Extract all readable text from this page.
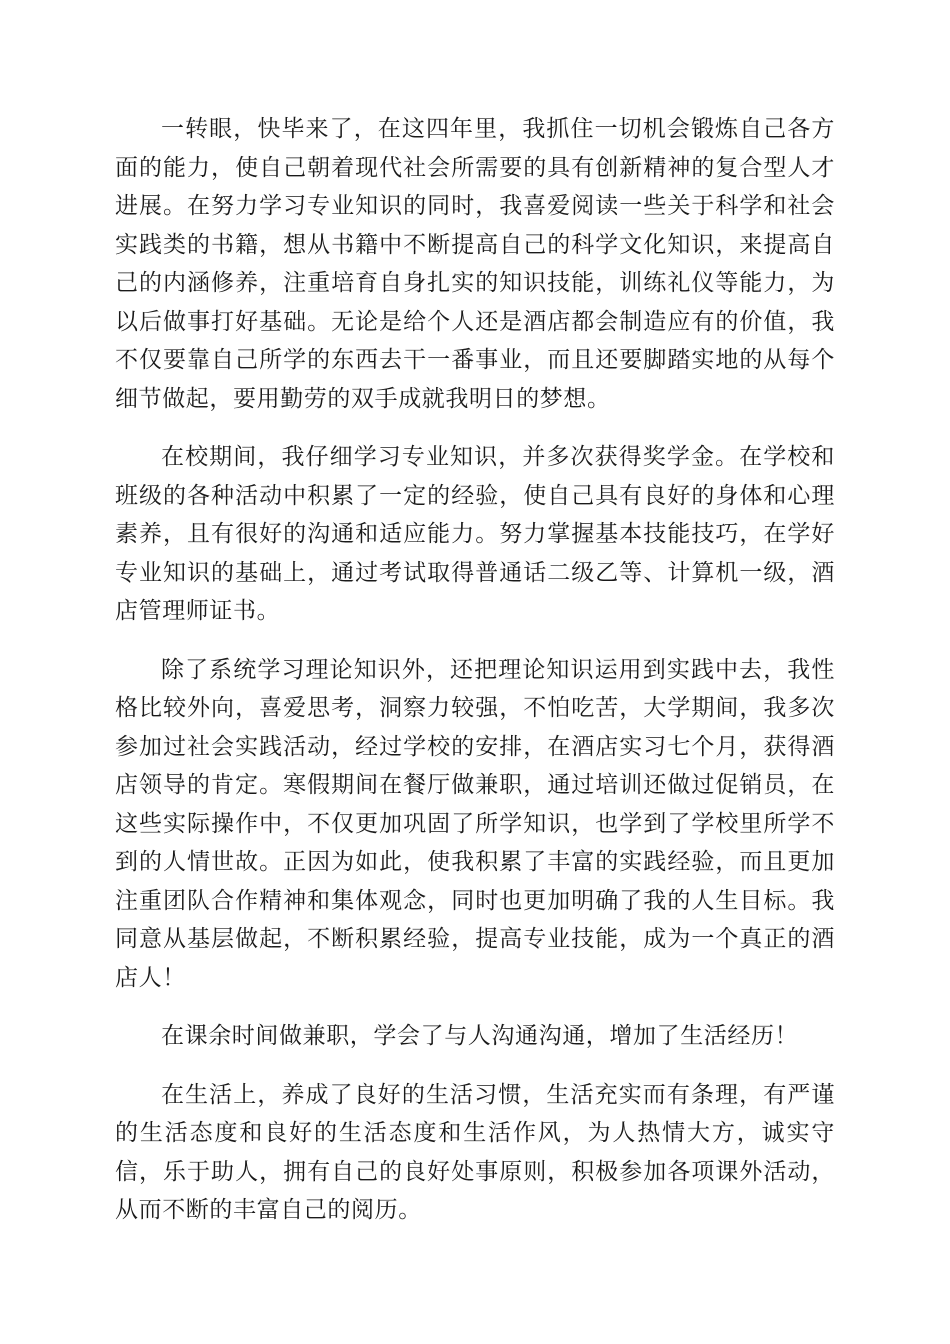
一转眼，快毕来了，在这四年里，我抓住一切机会锻炼自己各方面的能力，使自己朝着现代社会所需要的具有创新精神的复合型人才进展。在努力学习专业知识的同时，我喜爱阅读一些关于科学和社会实践类的书籍，想从书籍中不断提高自己的科学文化知识，来提高自己的内涵修养，注重培育自身扎实的知识技能，训练礼仪等能力，为以后做事打好基础。无论是给个人还是酒店都会制造应有的价值，我不仅要靠自己所学的东西去干一番事业，而且还要脚踏实地的从每个细节做起，要用勤劳的双手成就我明日的梦想。

在校期间，我仔细学习专业知识，并多次获得奖学金。在学校和班级的各种活动中积累了一定的经验，使自己具有良好的身体和心理素养，且有很好的沟通和适应能力。努力掌握基本技能技巧，在学好专业知识的基础上，通过考试取得普通话二级乙等、计算机一级，酒店管理师证书。

除了系统学习理论知识外，还把理论知识运用到实践中去，我性格比较外向，喜爱思考，洞察力较强，不怕吃苦，大学期间，我多次参加过社会实践活动，经过学校的安排，在酒店实习七个月，获得酒店领导的肯定。寒假期间在餐厅做兼职，通过培训还做过促销员，在这些实际操作中，不仅更加巩固了所学知识，也学到了学校里所学不到的人情世故。正因为如此，使我积累了丰富的实践经验，而且更加注重团队合作精神和集体观念，同时也更加明确了我的人生目标。我同意从基层做起，不断积累经验，提高专业技能，成为一个真正的酒店人！

在课余时间做兼职，学会了与人沟通沟通，增加了生活经历！

在生活上，养成了良好的生活习惯，生活充实而有条理，有严谨的生活态度和良好的生活态度和生活作风，为人热情大方，诚实守信，乐于助人，拥有自己的良好处事原则，积极参加各项课外活动，从而不断的丰富自己的阅历。
